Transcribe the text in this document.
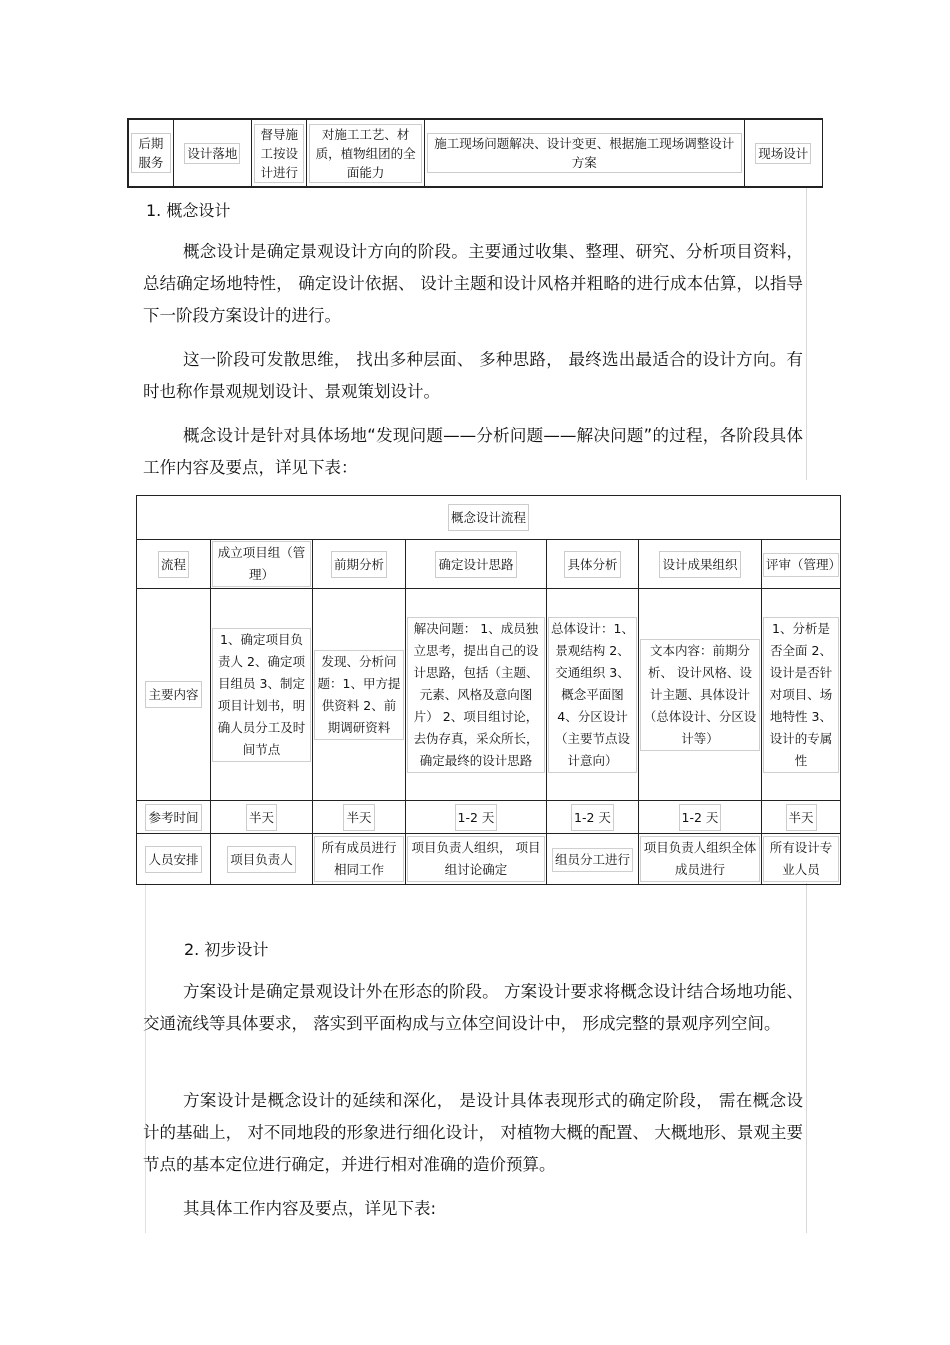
后期服务	设计落地	督导施工按设计进行	对施工工艺、材质，植物组团的全面能力	施工现场问题解决、设计变更、根据施工现场调整设计方案	现场设计
1. 概念设计

概念设计是确定景观设计方向的阶段。主要通过收集、整理、研究、分析项目资料，总结确定场地特性， 确定设计依据、 设计主题和设计风格并粗略的进行成本估算，以指导下一阶段方案设计的进行。

这一阶段可发散思维， 找出多种层面、 多种思路， 最终选出最适合的设计方向。有时也称作景观规划设计、景观策划设计。

概念设计是针对具体场地“发现问题——分析问题——解决问题”的过程，各阶段具体工作内容及要点，详见下表：

概念设计流程						
流程	成立项目组（管理）	前期分析	确定设计思路	具体分析	设计成果组织	评审（管理）
主要内容	1、确定项目负责人 2、确定项目组员 3、制定项目计划书，明确人员分工及时间节点	发现、分析问题：1、甲方提供资料 2、前期调研资料	解决问题： 1、成员独立思考，提出自己的设计思路，包括（主题、元素、风格及意向图片） 2、项目组讨论，去伪存真，采众所长， 确定最终的设计思路	总体设计：1、景观结构 2、交通组织 3、概念平面图 4、分区设计 （主要节点设计意向）	文本内容：前期分析、 设计风格、设计主题、具体设计（总体设计、分区设计等）	1、分析是否全面 2、设计是否针对项目、场地特性 3、设计的专属性
参考时间	半天	半天	1-2 天	1-2 天	1-2 天	半天
人员安排	项目负责人	所有成员进行相同工作	项目负责人组织， 项目组讨论确定	组员分工进行	项目负责人组织全体成员进行	所有设计专业人员
2. 初步设计

方案设计是确定景观设计外在形态的阶段。 方案设计要求将概念设计结合场地功能、 交通流线等具体要求， 落实到平面构成与立体空间设计中， 形成完整的景观序列空间。

方案设计是概念设计的延续和深化， 是设计具体表现形式的确定阶段， 需在概念设计的基础上， 对不同地段的形象进行细化设计， 对植物大概的配置、 大概地形、景观主要节点的基本定位进行确定，并进行相对准确的造价预算。

其具体工作内容及要点，详见下表:
